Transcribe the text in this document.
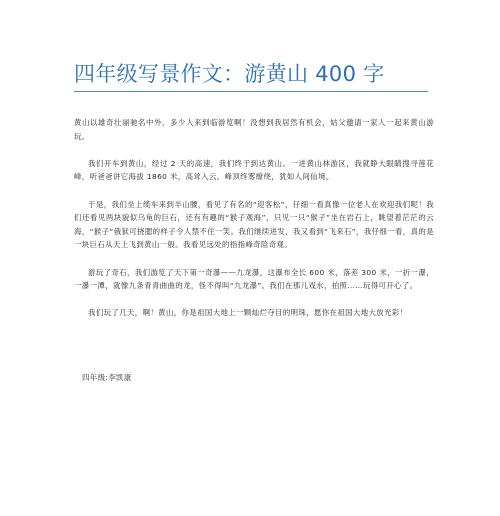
四年级写景作文：游黄山 400 字

黄山以雄奇壮丽驰名中外，多少人来到临游览啊！没想到我居然有机会，姑父邀请一家人一起来黄山游玩。

我们开车到黄山，经过 2 天的高速，我们终于到达黄山。一进黄山林游区，我就睁大眼睛搜寻莲花峰，听爸爸讲它海拔 1860 米，高耸入云，峰顶终雾缭绕，犹如人间仙境。

于是，我们坐上缆车来到半山腰，看见了有名的“迎客松”，仔细一看真像一位老人在欢迎我们呢！我们还看见两块貌似乌龟的巨石，还有有趣的“猴子观海”，只见一只“猴子”坐在岩石上，眺望着茫茫的云海，“猴子”俄狱可挠腮的样子令人禁不住一笑。我们继续进发，我又看到“飞来石”，我仔细一看，真的是一块巨石从天上飞到黄山一般。我看见远处的指指峰奇险奇观。

游玩了奇石，我们游览了天下第一奇瀑——九龙瀑，这瀑布全长 600 米，落差 300 米，一折一瀑，一瀑一潭，就像九条青青曲曲的龙，怪不得叫“九龙瀑”。我们在那儿戏水，拍照……玩得可开心了。

我们玩了几天，啊！黄山，你是祖国大地上一颗灿烂夺目的明珠，愿你在祖国大地大放光彩！

四年级:李凯康
